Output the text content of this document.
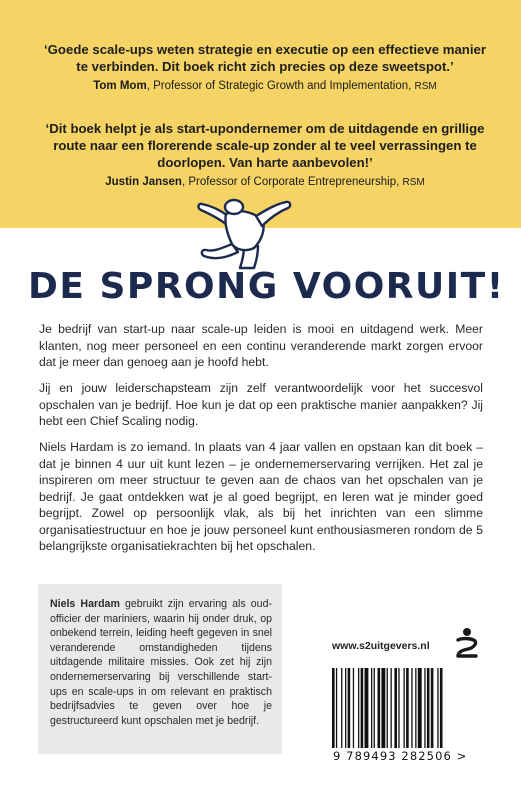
‘Goede scale-ups weten strategie en executie op een effectieve manier te verbinden. Dit boek richt zich precies op deze sweetspot.’
Tom Mom, Professor of Strategic Growth and Implementation, RSM
‘Dit boek helpt je als start-upondernemer om de uitdagende en grillige route naar een florerende scale-up zonder al te veel verrassingen te doorlopen. Van harte aanbevolen!’
Justin Jansen, Professor of Corporate Entrepreneurship, RSM
DE SPRONG VOORUIT!

Je bedrijf van start-up naar scale-up leiden is mooi en uitdagend werk. Meer klanten, nog meer personeel en een continu veranderende markt zorgen ervoor dat je meer dan genoeg aan je hoofd hebt.

Jij en jouw leiderschapsteam zijn zelf verantwoordelijk voor het succesvol opschalen van je bedrijf. Hoe kun je dat op een praktische manier aanpakken? Jij hebt een Chief Scaling nodig.

Niels Hardam is zo iemand. In plaats van 4 jaar vallen en opstaan kan dit boek – dat je binnen 4 uur uit kunt lezen – je ondernemerservaring verrijken. Het zal je inspireren om meer structuur te geven aan de chaos van het opschalen van je bedrijf. Je gaat ontdekken wat je al goed begrijpt, en leren wat je minder goed begrijpt. Zowel op persoonlijk vlak, als bij het inrichten van een slimme organisatiestructuur en hoe je jouw personeel kunt enthousiasmeren rondom de 5 belangrijkste organisatiekrachten bij het opschalen.

Niels Hardam gebruikt zijn ervaring als oud-officier der mariniers, waarin hij onder druk, op onbekend terrein, leiding heeft gegeven in snel veranderende omstandigheden tijdens uitdagende militaire missies. Ook zet hij zijn ondernemerservaring bij verschillende start-ups en scale-ups in om relevant en praktisch bedrijfsadvies te geven over hoe je gestructureerd kunt opschalen met je bedrijf.
www.s2uitgevers.nl
9 789493 282506 >
